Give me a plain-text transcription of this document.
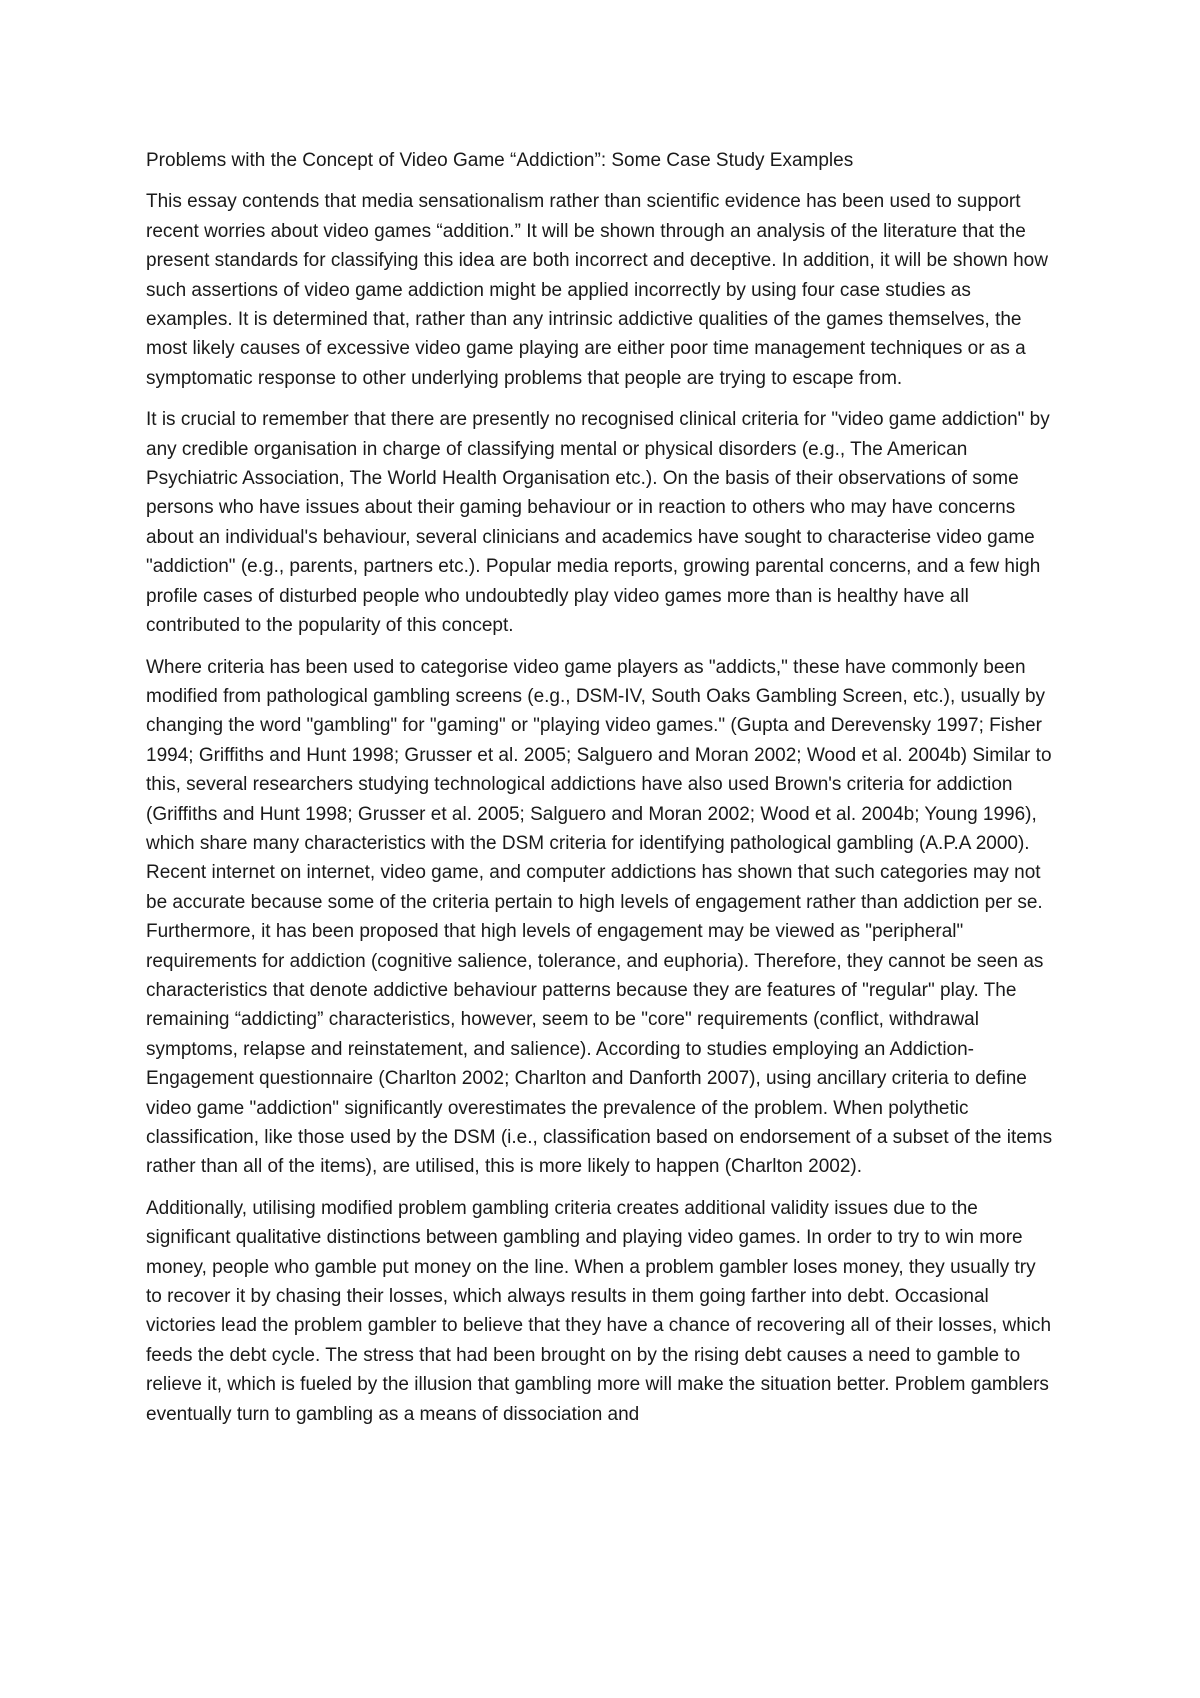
Problems with the Concept of Video Game “Addiction”: Some Case Study Examples

This essay contends that media sensationalism rather than scientific evidence has been used to support recent worries about video games “addition.” It will be shown through an analysis of the literature that the present standards for classifying this idea are both incorrect and deceptive. In addition, it will be shown how such assertions of video game addiction might be applied incorrectly by using four case studies as examples. It is determined that, rather than any intrinsic addictive qualities of the games themselves, the most likely causes of excessive video game playing are either poor time management techniques or as a symptomatic response to other underlying problems that people are trying to escape from.

It is crucial to remember that there are presently no recognised clinical criteria for "video game addiction" by any credible organisation in charge of classifying mental or physical disorders (e.g., The American Psychiatric Association, The World Health Organisation etc.). On the basis of their observations of some persons who have issues about their gaming behaviour or in reaction to others who may have concerns about an individual's behaviour, several clinicians and academics have sought to characterise video game "addiction" (e.g., parents, partners etc.). Popular media reports, growing parental concerns, and a few high profile cases of disturbed people who undoubtedly play video games more than is healthy have all contributed to the popularity of this concept.

Where criteria has been used to categorise video game players as "addicts," these have commonly been modified from pathological gambling screens (e.g., DSM-IV, South Oaks Gambling Screen, etc.), usually by changing the word "gambling" for "gaming" or "playing video games." (Gupta and Derevensky 1997; Fisher 1994; Griffiths and Hunt 1998; Grusser et al. 2005; Salguero and Moran 2002; Wood et al. 2004b) Similar to this, several researchers studying technological addictions have also used Brown's criteria for addiction (Griffiths and Hunt 1998; Grusser et al. 2005; Salguero and Moran 2002; Wood et al. 2004b; Young 1996), which share many characteristics with the DSM criteria for identifying pathological gambling (A.P.A 2000). Recent internet on internet, video game, and computer addictions has shown that such categories may not be accurate because some of the criteria pertain to high levels of engagement rather than addiction per se. Furthermore, it has been proposed that high levels of engagement may be viewed as "peripheral" requirements for addiction (cognitive salience, tolerance, and euphoria). Therefore, they cannot be seen as characteristics that denote addictive behaviour patterns because they are features of "regular" play. The remaining “addicting” characteristics, however, seem to be "core" requirements (conflict, withdrawal symptoms, relapse and reinstatement, and salience). According to studies employing an Addiction-Engagement questionnaire (Charlton 2002; Charlton and Danforth 2007), using ancillary criteria to define video game "addiction" significantly overestimates the prevalence of the problem. When polythetic classification, like those used by the DSM (i.e., classification based on endorsement of a subset of the items rather than all of the items), are utilised, this is more likely to happen (Charlton 2002).

Additionally, utilising modified problem gambling criteria creates additional validity issues due to the significant qualitative distinctions between gambling and playing video games. In order to try to win more money, people who gamble put money on the line. When a problem gambler loses money, they usually try to recover it by chasing their losses, which always results in them going farther into debt. Occasional victories lead the problem gambler to believe that they have a chance of recovering all of their losses, which feeds the debt cycle. The stress that had been brought on by the rising debt causes a need to gamble to relieve it, which is fueled by the illusion that gambling more will make the situation better. Problem gamblers eventually turn to gambling as a means of dissociation and
